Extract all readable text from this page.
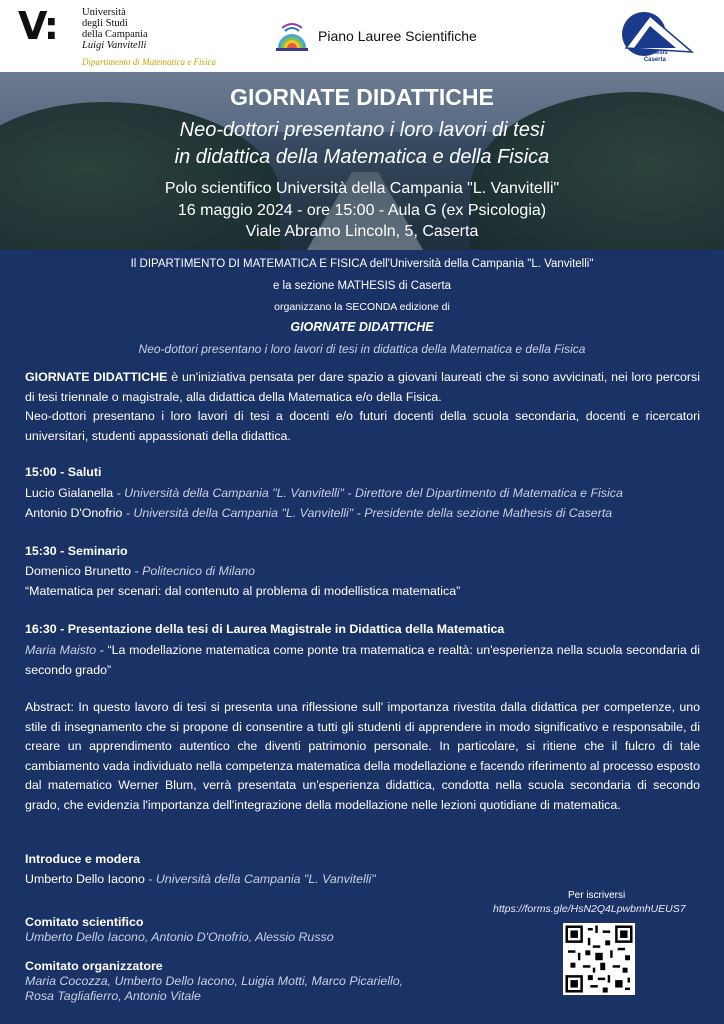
V: Università
degli Studi
della Campania
Luigi Vanvitelli
Dipartimento di Matematica e Fisica
Piano Lauree Scientifiche
Mathesis
Caserta
GIORNATE DIDATTICHE
Neo-dottori presentano i loro lavori di tesi
in didattica della Matematica e della Fisica
Polo scientifico Università della Campania "L. Vanvitelli"
16 maggio 2024 - ore 15:00 - Aula G (ex Psicologia)
Viale Abramo Lincoln, 5, Caserta
Il DIPARTIMENTO DI MATEMATICA E FISICA dell'Università della Campania "L. Vanvitelli"
e la sezione MATHESIS di Caserta
organizzano la SECONDA edizione di
GIORNATE DIDATTICHE
Neo-dottori presentano i loro lavori di tesi in didattica della Matematica e della Fisica
GIORNATE DIDATTICHE è un'iniziativa pensata per dare spazio a giovani laureati che si sono avvicinati, nei loro percorsi di tesi triennale o magistrale, alla didattica della Matematica e/o della Fisica.
Neo-dottori presentano i loro lavori di tesi a docenti e/o futuri docenti della scuola secondaria, docenti e ricercatori universitari, studenti appassionati della didattica.
15:00 - Saluti
Lucio Gialanella - Università della Campania "L. Vanvitelli" - Direttore del Dipartimento di Matematica e Fisica
Antonio D'Onofrio - Università della Campania "L. Vanvitelli" - Presidente della sezione Mathesis di Caserta
15:30 - Seminario
Domenico Brunetto - Politecnico di Milano
“Matematica per scenari: dal contenuto al problema di modellistica matematica”
16:30 - Presentazione della tesi di Laurea Magistrale in Didattica della Matematica
Maria Maisto - “La modellazione matematica come ponte tra matematica e realtà: un'esperienza nella scuola secondaria di secondo grado”
Abstract: In questo lavoro di tesi si presenta una riflessione sull' importanza rivestita dalla didattica per competenze, uno stile di insegnamento che si propone di consentire a tutti gli studenti di apprendere in modo significativo e responsabile, di creare un apprendimento autentico che diventi patrimonio personale. In particolare, si ritiene che il fulcro di tale cambiamento vada individuato nella competenza matematica della modellazione e facendo riferimento al processo esposto dal matematico Werner Blum, verrà presentata un'esperienza didattica, condotta nella scuola secondaria di secondo grado, che evidenzia l'importanza dell'integrazione della modellazione nelle lezioni quotidiane di matematica.
Introduce e modera
Umberto Dello Iacono - Università della Campania "L. Vanvitelli"
Comitato scientifico
Umberto Dello Iacono, Antonio D'Onofrio, Alessio Russo
Comitato organizzatore
Maria Cocozza, Umberto Dello Iacono, Luigia Motti, Marco Picariello,
Rosa Tagliafierro, Antonio Vitale
Per iscriversi
https://forms.gle/HsN2Q4LpwbmhUEUS7
